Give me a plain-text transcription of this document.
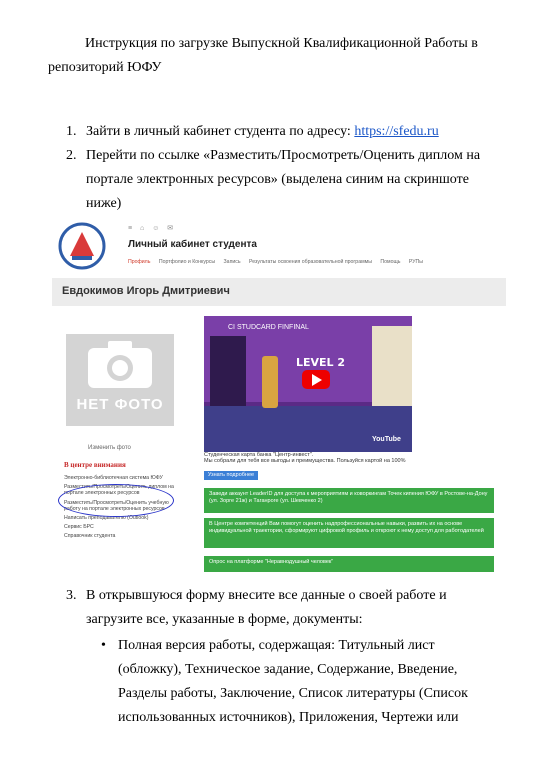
Инструкция по загрузке Выпускной Квалификационной Работы в
репозиторий ЮФУ
1. Зайти в личный кабинет студента по адресу: https://sfedu.ru
2. Перейти по ссылке «Разместить/Просмотреть/Оценить диплом на
портале электронных ресурсов» (выделена синим на скриншоте
ниже)
≡ ⌂ ☺ ✉
Личный кабинет студента
Профиль Портфолио и Конкурсы Запись Результаты освоения образовательной программы Помощь РУПы
Евдокимов Игорь Дмитриевич
НЕТ ФОТО
Изменить фото
В центре внимания
Электронно-библиотечная система ЮФУ
Разместить/Просмотреть/Оценить диплом на портале электронных ресурсов
Разместить/Просмотреть/Оценить учебную работу на портале электронных ресурсов
Написать преподавателю (Outlook)
Сервис БРС
Справочник студента
CI STUDCARD FINFINAL
LEVEL 2
YouTube
Студенческая карта банка "Центр-инвест".
Мы собрали для тебя все выгоды и преимущества. Пользуйся картой на 100%
Узнать подробнее
Заведи аккаунт LeaderID для доступа к мероприятиям и коворкингам Точек кипения ЮФУ в Ростове-на-Дону (ул. Зорге 21ж) и Таганроге (ул. Шевченко 2)
В Центре компетенций Вам помогут оценить надпрофессиональные навыки, развить их на основе индивидуальной траектории, сформируют цифровой профиль и откроют к нему доступ для работодателей
Опрос на платформе "Неравнодушный человек"
3. В открывшуюся форму внесите все данные о своей работе и
загрузите все, указанные в форме, документы:
• Полная версия работы, содержащая: Титульный лист
(обложку), Техническое задание, Содержание, Введение,
Разделы работы, Заключение, Список литературы (Список
использованных источников), Приложения, Чертежи или
